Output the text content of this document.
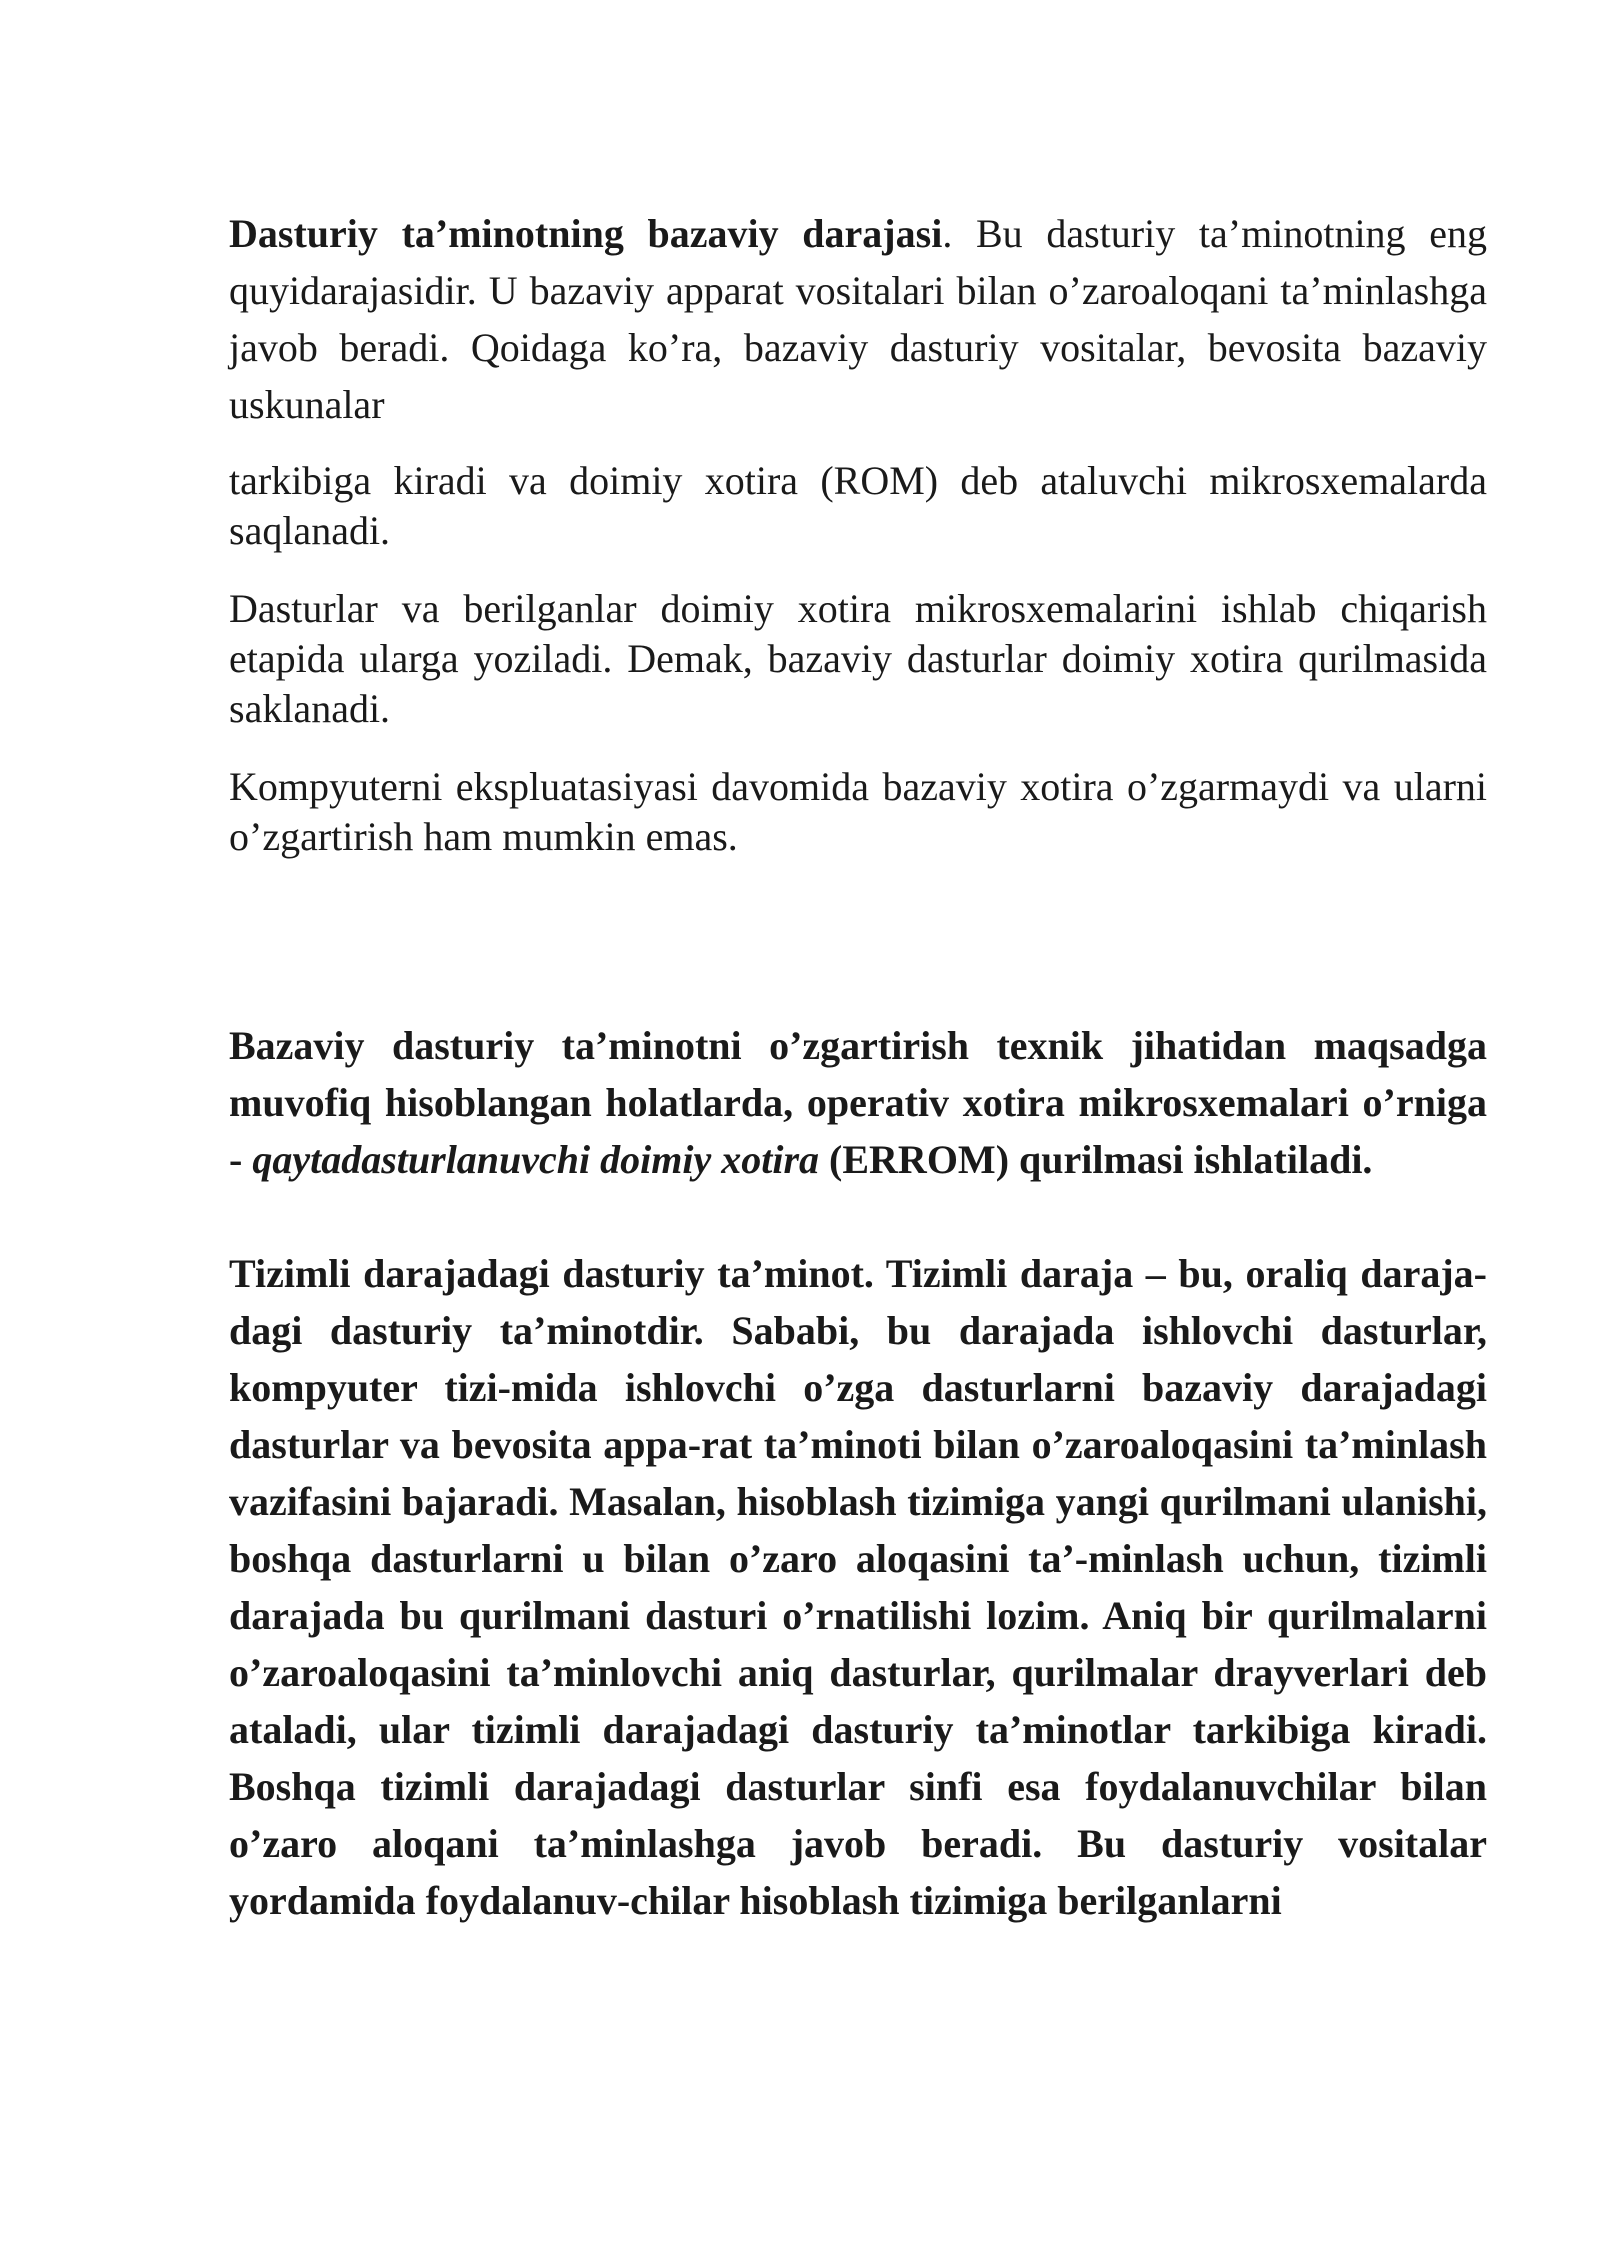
Dasturiy ta’minotning bazaviy darajasi. Bu dasturiy ta’minotning eng quyidarajasidir. U bazaviy apparat vositalari bilan o’zaroaloqani ta’minlashga javob beradi. Qoidaga ko’ra, bazaviy dasturiy vositalar, bevosita bazaviy uskunalar

tarkibiga kiradi va doimiy xotira (ROM) deb ataluvchi mikrosxemalarda saqlanadi.

Dasturlar va berilganlar doimiy xotira mikrosxemalarini ishlab chiqarish etapida ularga yoziladi. Demak, bazaviy dasturlar doimiy xotira qurilmasida saklanadi.

Kompyuterni ekspluatasiyasi davomida bazaviy xotira o’zgarmaydi va ularni o’zgartirish ham mumkin emas.

Bazaviy dasturiy ta’minotni o’zgartirish texnik jihatidan maqsadga muvofiq hisoblangan holatlarda, operativ xotira mikrosxemalari o’rniga - qaytadasturlanuvchi doimiy xotira (ERROM) qurilmasi ishlatiladi.

Tizimli darajadagi dasturiy ta’minot. Tizimli daraja – bu, oraliq daraja-dagi dasturiy ta’minotdir. Sababi, bu darajada ishlovchi dasturlar, kompyuter tizi-mida ishlovchi o’zga dasturlarni bazaviy darajadagi dasturlar va bevosita appa-rat ta’minoti bilan o’zaroaloqasini ta’minlash vazifasini bajaradi. Masalan, hisoblash tizimiga yangi qurilmani ulanishi, boshqa dasturlarni u bilan o’zaro aloqasini ta’-minlash uchun, tizimli darajada bu qurilmani dasturi o’rnatilishi lozim. Aniq bir qurilmalarni o’zaroaloqasini ta’minlovchi aniq dasturlar, qurilmalar drayverlari deb ataladi, ular tizimli darajadagi dasturiy ta’minotlar tarkibiga kiradi. Boshqa tizimli darajadagi dasturlar sinfi esa foydalanuvchilar bilan o’zaro aloqani ta’minlashga javob beradi. Bu dasturiy vositalar yordamida foydalanuv-chilar hisoblash tizimiga berilganlarni
